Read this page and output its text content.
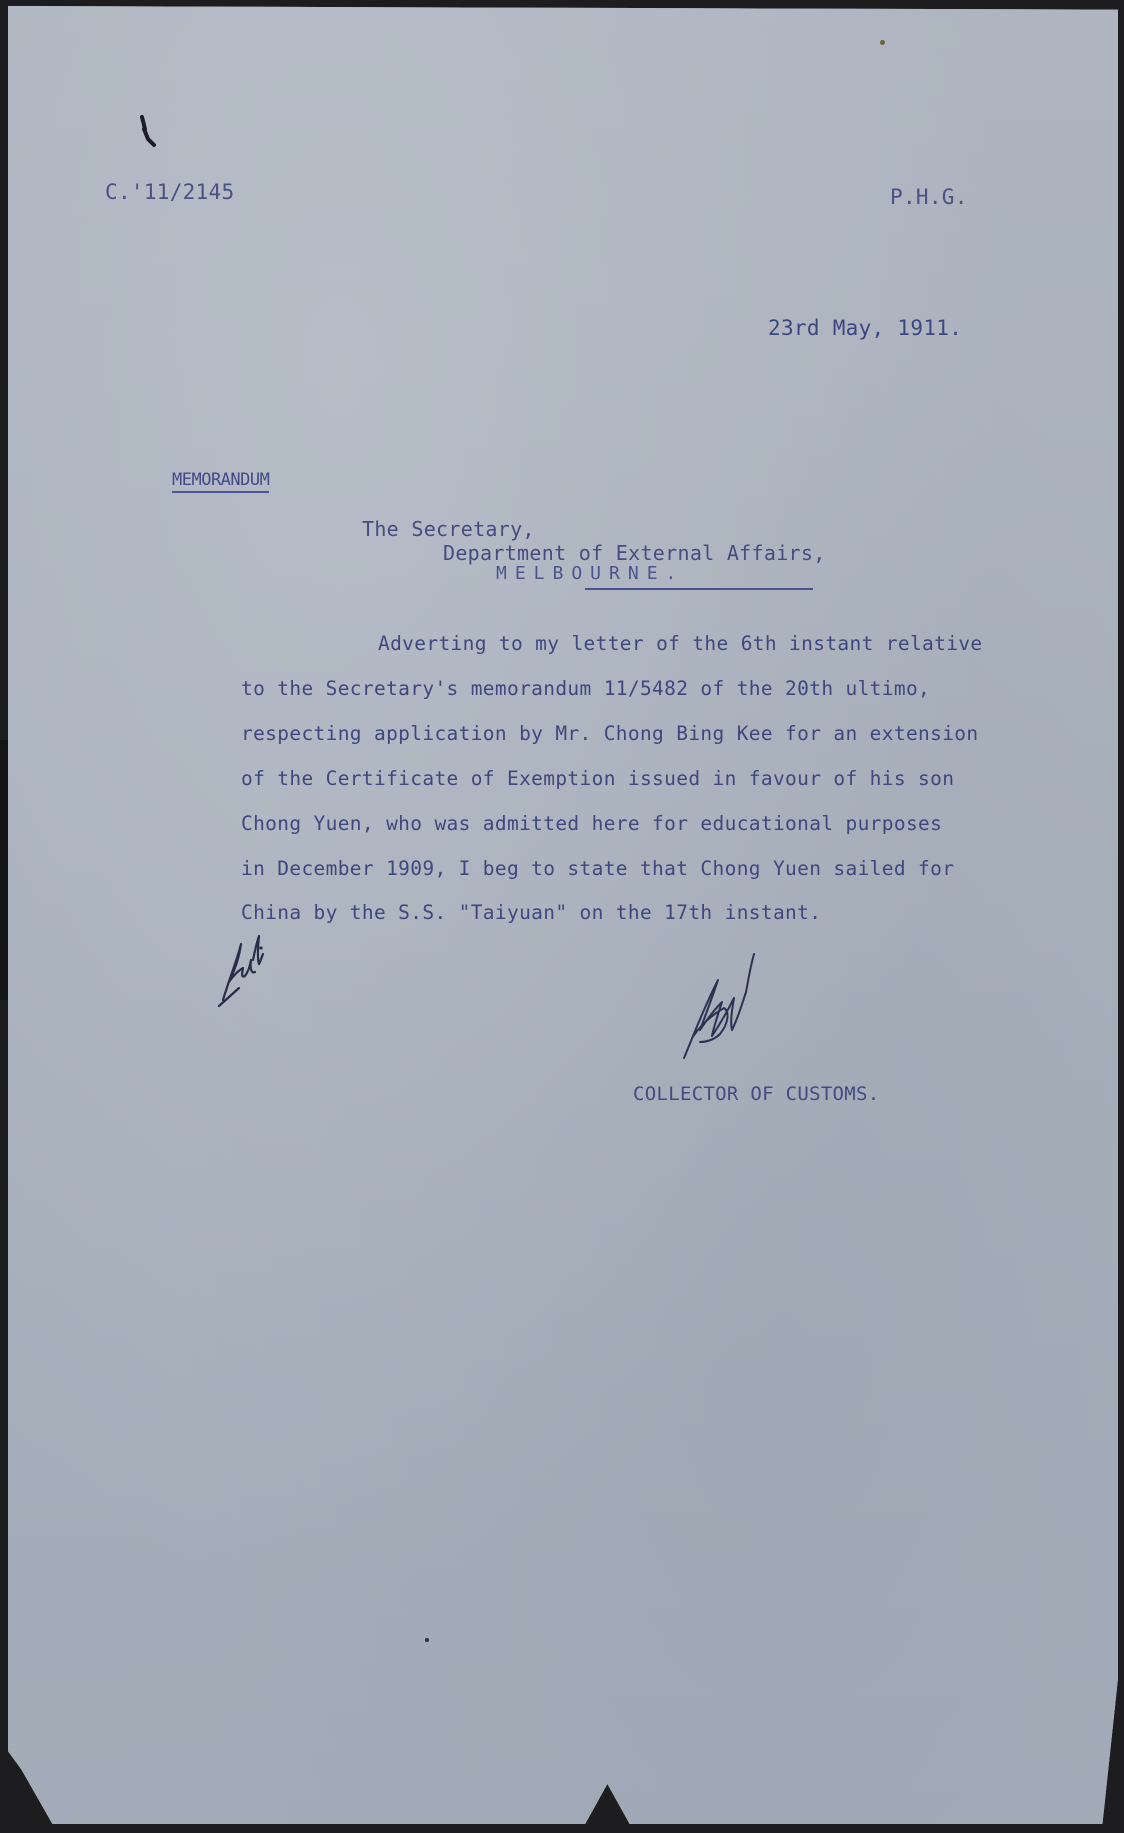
C.'11/2145	P.H.G.
23rd May, 1911.
MEMORANDUM
The Secretary,
Department of External Affairs,
MELBOURNE.
Adverting to my letter of the 6th instant relative
to the Secretary's memorandum 11/5482 of the 20th ultimo,
respecting application by Mr. Chong Bing Kee for an extension
of the Certificate of Exemption issued in favour of his son
Chong Yuen, who was admitted here for educational purposes
in December 1909, I beg to state that Chong Yuen sailed for
China by the S.S. "Taiyuan" on the 17th instant.
COLLECTOR OF CUSTOMS.
